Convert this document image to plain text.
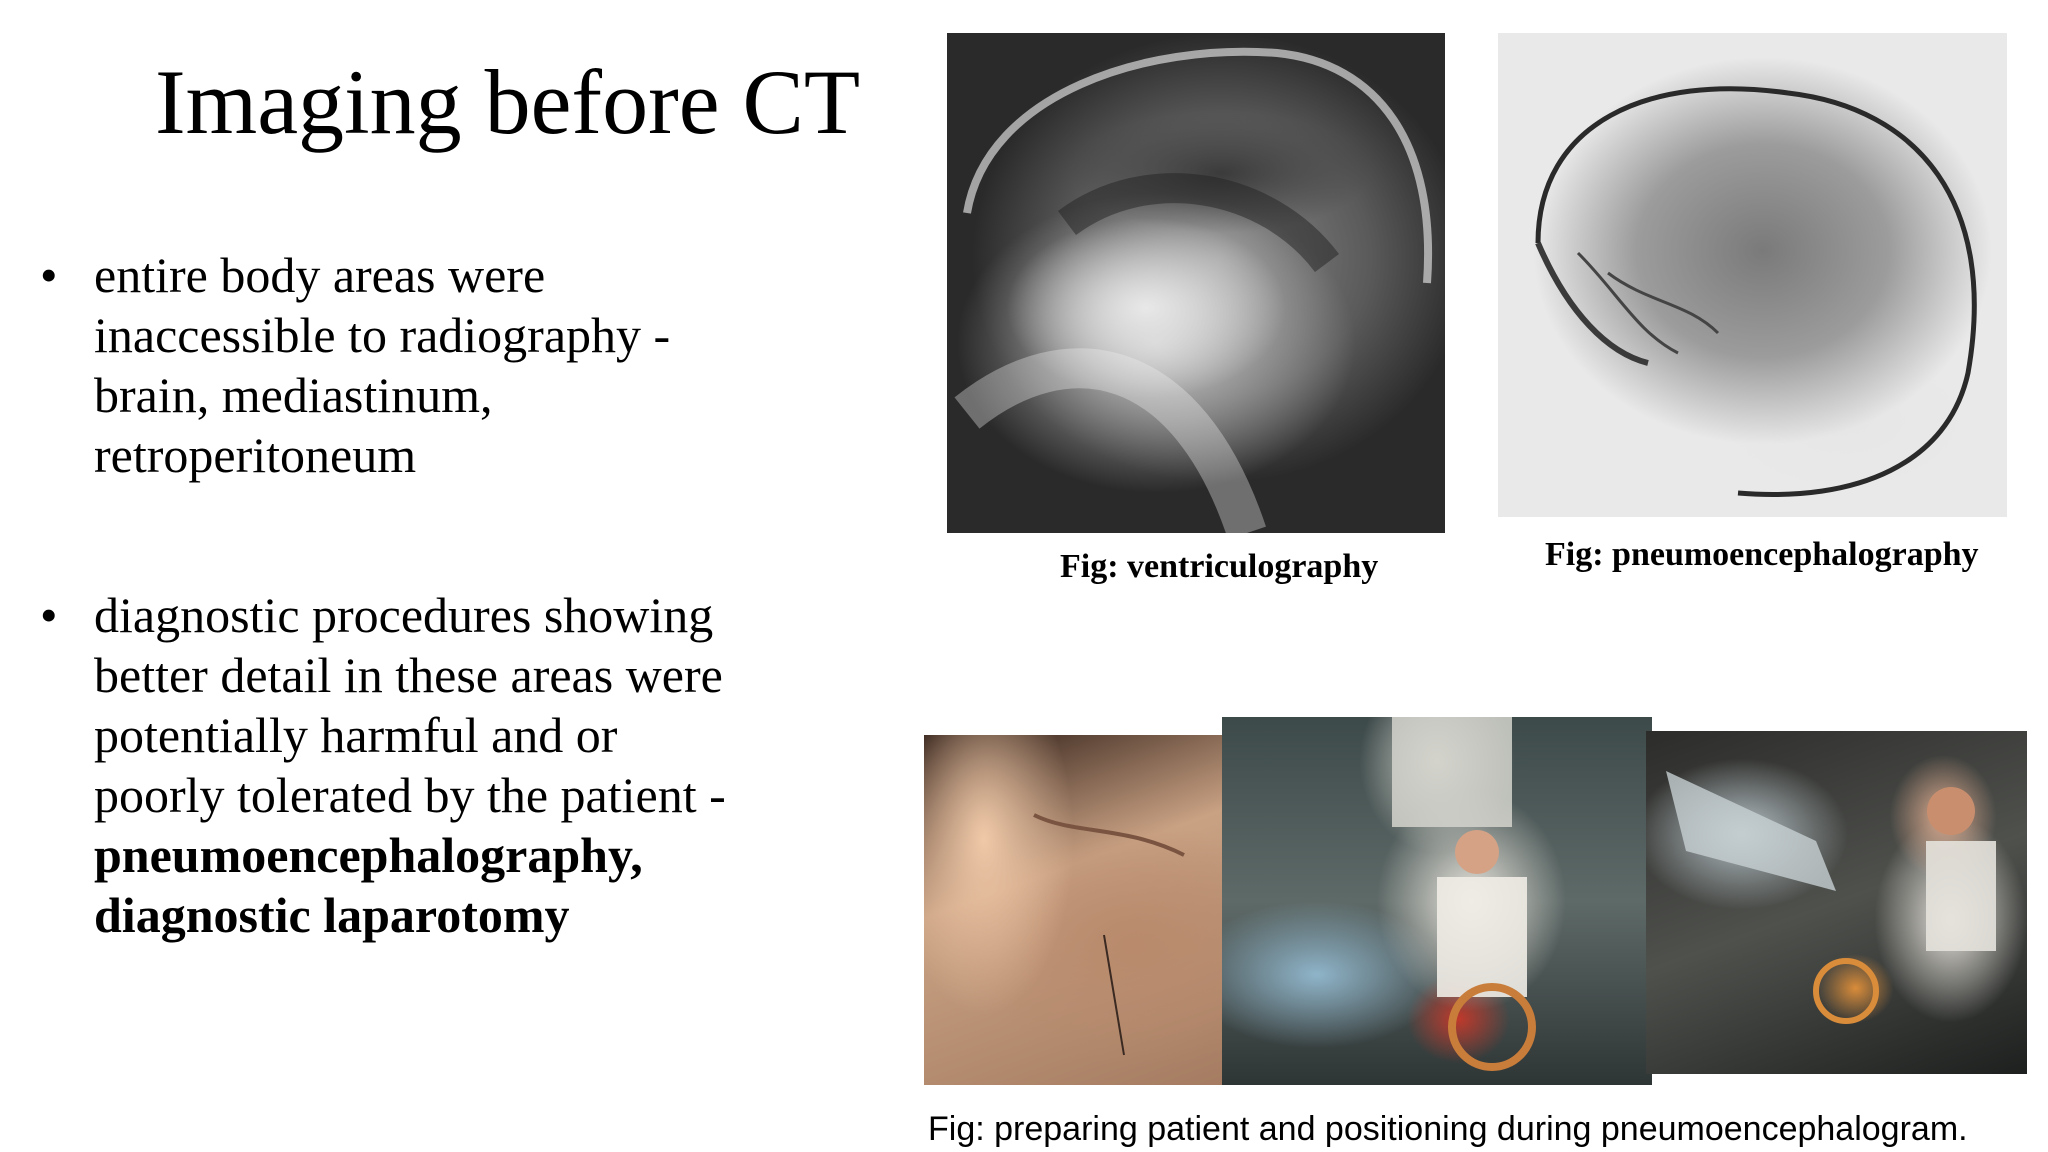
Imaging before CT
• entire body areas were inaccessible to radiography - brain, mediastinum, retroperitoneum
• diagnostic procedures showing better detail in these areas were potentially harmful and or poorly tolerated by the patient -
pneumoencephalography, diagnostic laparotomy
Fig: ventriculography	Fig: pneumoencephalography
Fig: preparing patient and positioning during pneumoencephalogram.
